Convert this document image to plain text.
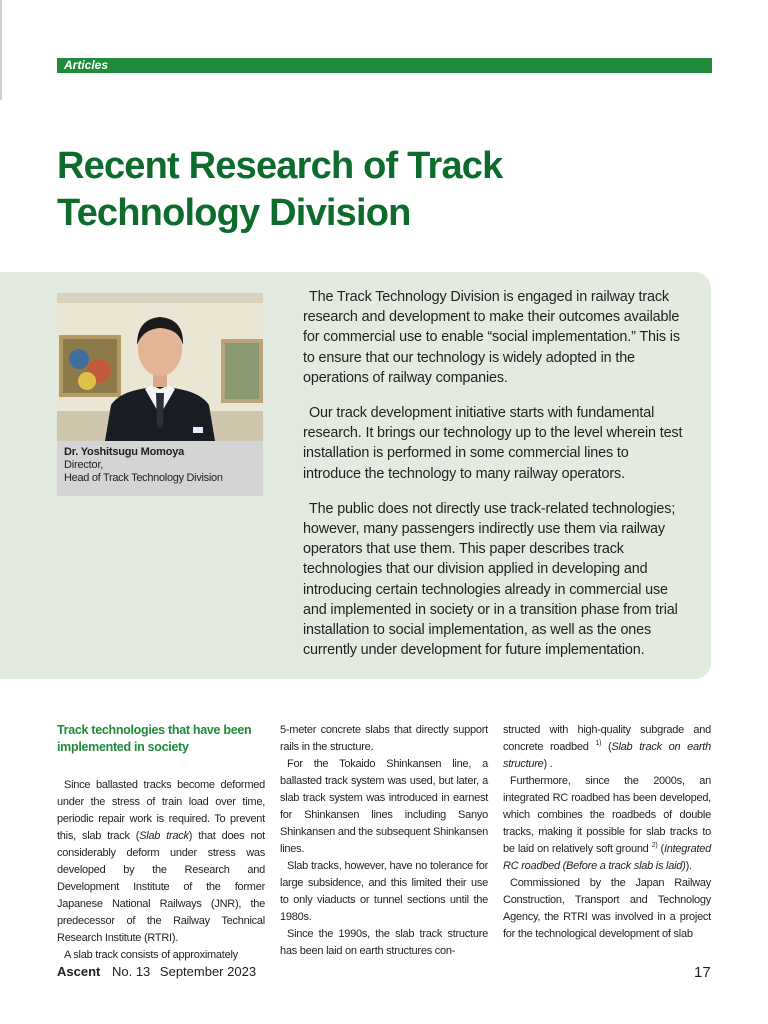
Articles
Recent Research of Track
Technology Division
Dr. Yoshitsugu Momoya
Director,
Head of Track Technology Division

The Track Technology Division is engaged in railway track research and development to make their outcomes available for commercial use to enable “social implementation.” This is to ensure that our technology is widely adopted in the operations of railway companies.

Our track development initiative starts with fundamental research. It brings our technology up to the level wherein test installation is performed in some commercial lines to introduce the technology to many railway operators.

The public does not directly use track-related technologies; however, many passengers indirectly use them via railway operators that use them. This paper describes track technologies that our division applied in developing and introducing certain technologies already in commercial use and implemented in society or in a transition phase from trial installation to social implementation, as well as the ones currently under development for future implementation.

Track technologies that have been implemented in society

Since ballasted tracks become deformed under the stress of train load over time, periodic repair work is required. To prevent this, slab track (Slab track) that does not considerably deform under stress was developed by the Research and Development Institute of the former Japanese National Railways (JNR), the predecessor of the Railway Technical Research Institute (RTRI).

A slab track consists of approximately

5-meter concrete slabs that directly support rails in the structure.

For the Tokaido Shinkansen line, a ballasted track system was used, but later, a slab track system was introduced in earnest for Shinkansen lines including Sanyo Shinkansen and the subsequent Shinkansen lines.

Slab tracks, however, have no tolerance for large subsidence, and this limited their use to only viaducts or tunnel sections until the 1980s.

Since the 1990s, the slab track structure has been laid on earth structures con-

structed with high-quality subgrade and concrete roadbed $^{1)}$ (Slab track on earth structure) .

Furthermore, since the 2000s, an integrated RC roadbed has been developed, which combines the roadbeds of double tracks, making it possible for slab tracks to be laid on relatively soft ground $^{2)}$ (Integrated RC roadbed (Before a track slab is laid)).

Commissioned by the Japan Railway Construction, Transport and Technology Agency, the RTRI was involved in a project for the technological development of slab

Ascent No. 13 September 2023	17
